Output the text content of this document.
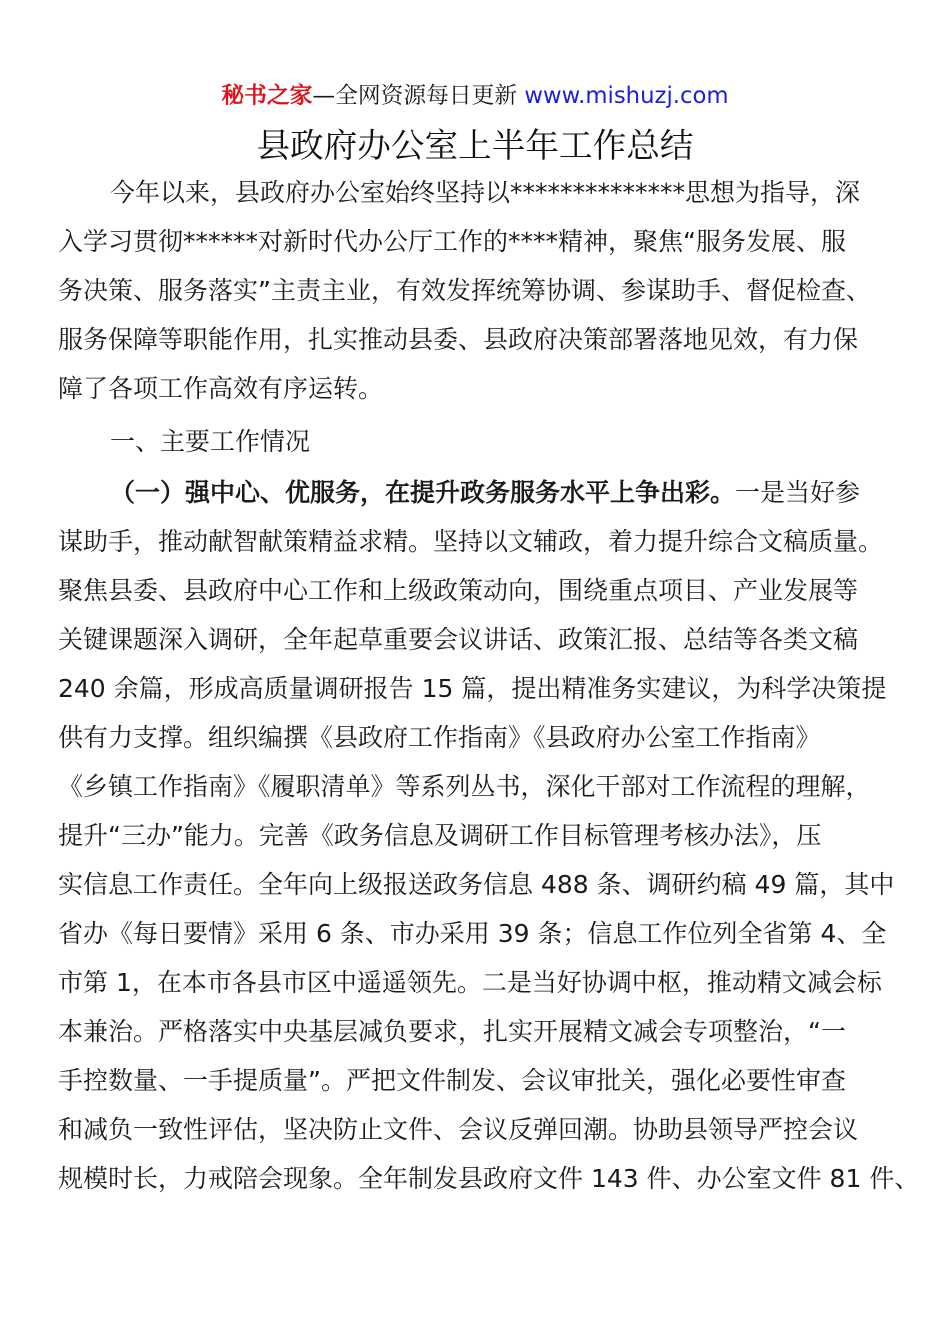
秘书之家—全网资源每日更新 www.mishuzj.com
县政府办公室上半年工作总结
今年以来，县政府办公室始终坚持以**************思想为指导，深
入学习贯彻******对新时代办公厅工作的****精神，聚焦“服务发展、服
务决策、服务落实”主责主业，有效发挥统筹协调、参谋助手、督促检查、
服务保障等职能作用，扎实推动县委、县政府决策部署落地见效，有力保
障了各项工作高效有序运转。
一、主要工作情况
（一）强中心、优服务，在提升政务服务水平上争出彩。一是当好参
谋助手，推动献智献策精益求精。坚持以文辅政，着力提升综合文稿质量。
聚焦县委、县政府中心工作和上级政策动向，围绕重点项目、产业发展等
关键课题深入调研，全年起草重要会议讲话、政策汇报、总结等各类文稿
240 余篇，形成高质量调研报告 15 篇，提出精准务实建议，为科学决策提
供有力支撑。组织编撰《县政府工作指南》《县政府办公室工作指南》
《乡镇工作指南》《履职清单》等系列丛书，深化干部对工作流程的理解，
提升“三办”能力。完善《政务信息及调研工作目标管理考核办法》，压
实信息工作责任。全年向上级报送政务信息 488 条、调研约稿 49 篇，其中
省办《每日要情》采用 6 条、市办采用 39 条；信息工作位列全省第 4、全
市第 1，在本市各县市区中遥遥领先。二是当好协调中枢，推动精文减会标
本兼治。严格落实中央基层减负要求，扎实开展精文减会专项整治，“一
手控数量、一手提质量”。严把文件制发、会议审批关，强化必要性审查
和减负一致性评估，坚决防止文件、会议反弹回潮。协助县领导严控会议
规模时长，力戒陪会现象。全年制发县政府文件 143 件、办公室文件 81 件、
